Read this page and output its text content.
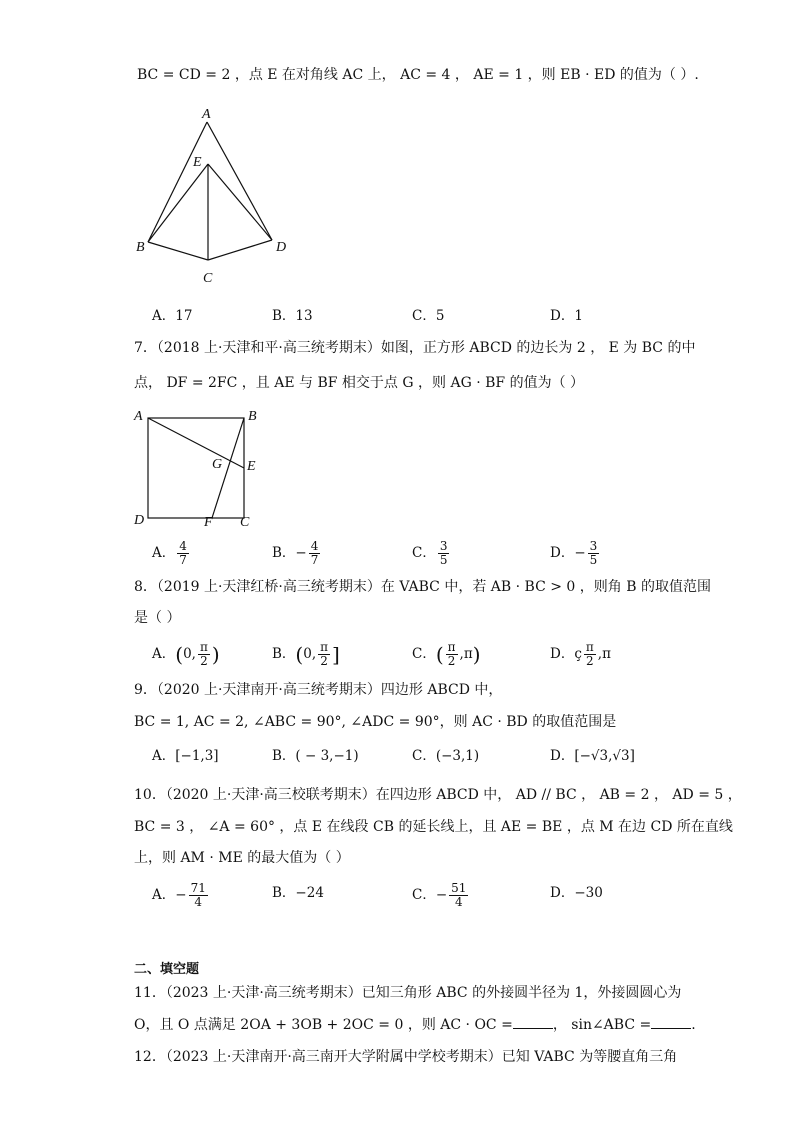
BC = CD = 2 ，点 E 在对角线 AC 上， AC = 4 ， AE = 1 ，则 EB · ED 的值为（ ）.
A
E
B
C
D
A．17	B．13	C．5	D．1
7．（2018 上·天津和平·高三统考期末）如图，正方形 ABCD 的边长为 2 ， E 为 BC 的中
点， DF = 2FC ，且 AE 与 BF 相交于点 G ，则 AG · BF 的值为（ ）
A	B
C
D
E
F
G
A． $\frac{4}{7}$	B．− $\frac{4}{7}$	C． $\frac{3}{5}$	D．− $\frac{3}{5}$
8．（2019 上·天津红桥·高三统考期末）在 VABC 中，若 AB · BC > 0 ，则角 B 的取值范围
是（ ）
A．(0, $\frac{\pi}{2}$ )	B．(0, $\frac{\pi}{2}$ ]	C．( $\frac{\pi}{2} ,\pi$)	D．ç $\frac{\pi}{2} ,\pi$
9．（2020 上·天津南开·高三统考期末）四边形 ABCD 中，
BC = 1, AC = 2, ∠ABC = 90°, ∠ADC = 90°，则 AC · BD 的取值范围是
A．[−1,3]	B．( − 3,−1)	C．(−3,1)	D．[−√3,√3]
10．（2020 上·天津·高三校联考期末）在四边形 ABCD 中， AD // BC ， AB = 2 ， AD = 5 ，
BC = 3 ， ∠A = 60° ，点 E 在线段 CB 的延长线上，且 AE = BE ，点 M 在边 CD 所在直线
上，则 AM · ME 的最大值为（ ）
A．− $\frac{71}{4}$	B．−24	C．− $\frac{51}{4}$	D．−30
二、填空题
11．（2023 上·天津·高三统考期末）已知三角形 ABC 的外接圆半径为 1，外接圆圆心为
O，且 O 点满足 2OA + 3OB + 2OC = 0 ，则 AC · OC =	， sin∠ABC =	.
12．（2023 上·天津南开·高三南开大学附属中学校考期末）已知 VABC 为等腰直角三角
